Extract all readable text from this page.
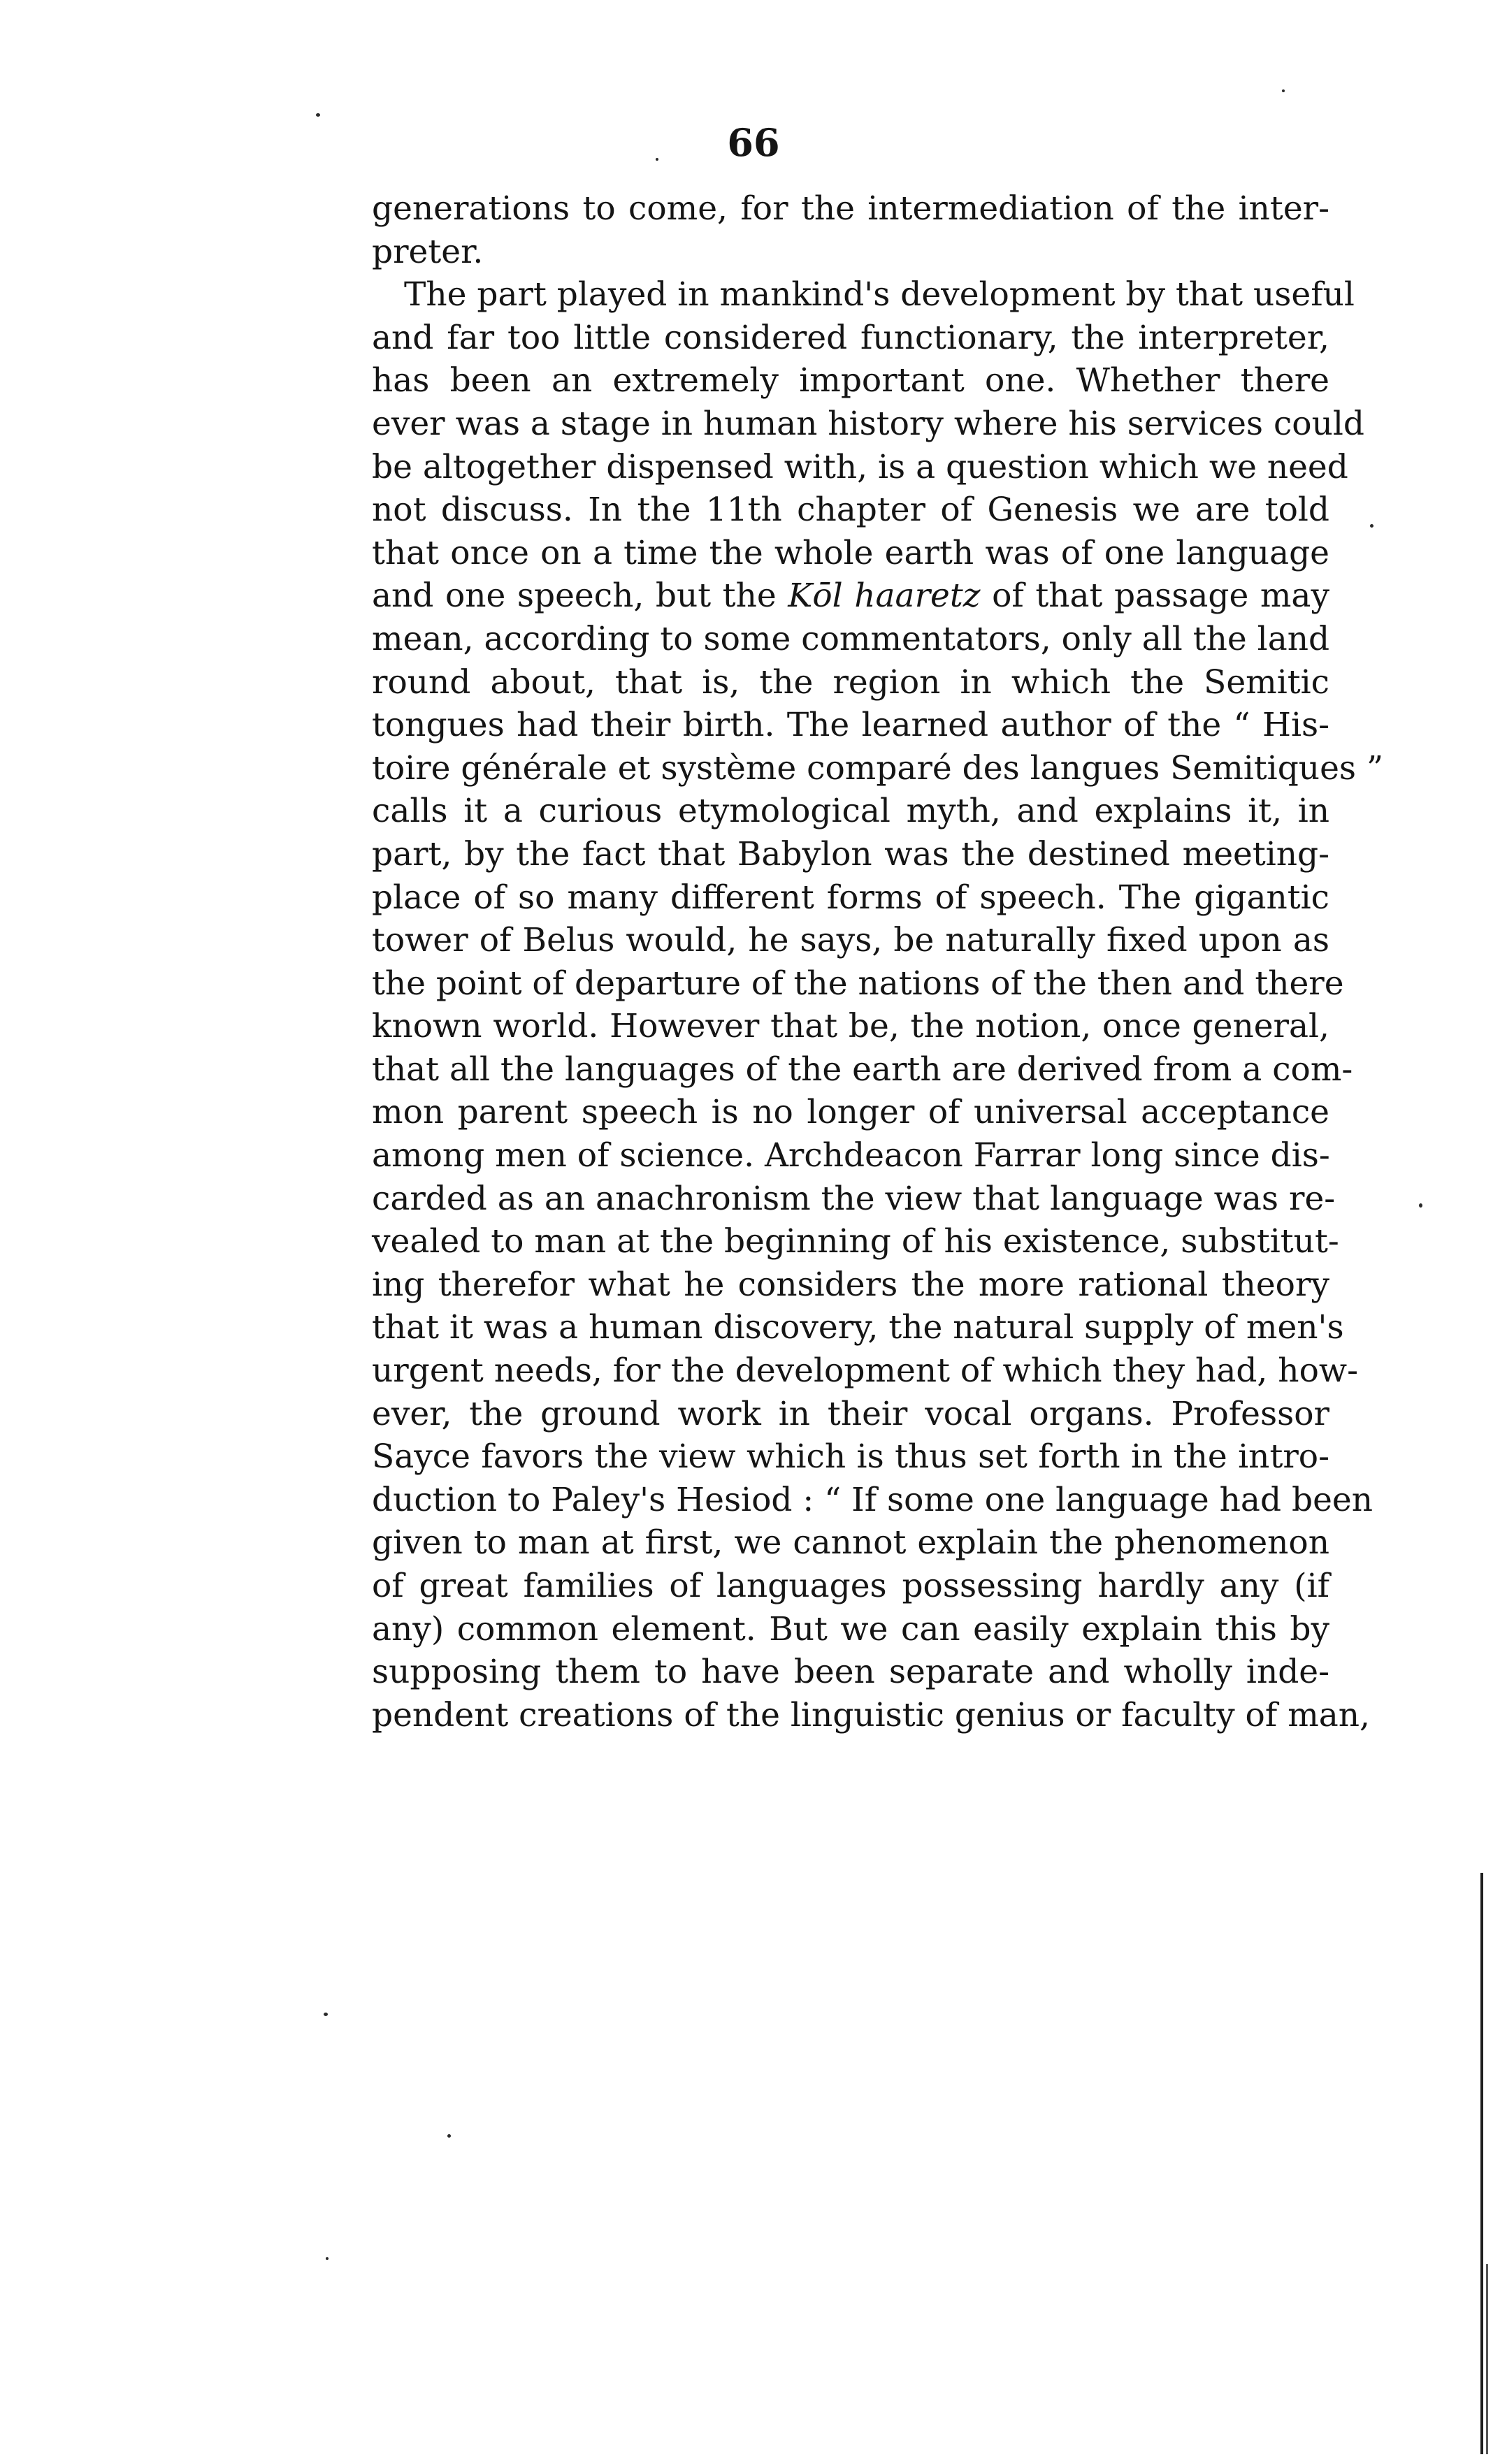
66
generations to come, for the intermediation of the inter-
preter.
The part played in mankind's development by that useful
and far too little considered functionary, the interpreter,
has been an extremely important one. Whether there
ever was a stage in human history where his services could
be altogether dispensed with, is a question which we need
not discuss. In the 11th chapter of Genesis we are told
that once on a time the whole earth was of one language
and one speech, but the Kōl haaretz of that passage may
mean, according to some commentators, only all the land
round about, that is, the region in which the Semitic
tongues had their birth. The learned author of the “ His-
toire générale et système comparé des langues Semitiques ”
calls it a curious etymological myth, and explains it, in
part, by the fact that Babylon was the destined meeting-
place of so many different forms of speech. The gigantic
tower of Belus would, he says, be naturally fixed upon as
the point of departure of the nations of the then and there
known world. However that be, the notion, once general,
that all the languages of the earth are derived from a com-
mon parent speech is no longer of universal acceptance
among men of science. Archdeacon Farrar long since dis-
carded as an anachronism the view that language was re-
vealed to man at the beginning of his existence, substitut-
ing therefor what he considers the more rational theory
that it was a human discovery, the natural supply of men's
urgent needs, for the development of which they had, how-
ever, the ground work in their vocal organs. Professor
Sayce favors the view which is thus set forth in the intro-
duction to Paley's Hesiod : “ If some one language had been
given to man at first, we cannot explain the phenomenon
of great families of languages possessing hardly any (if
any) common element. But we can easily explain this by
supposing them to have been separate and wholly inde-
pendent creations of the linguistic genius or faculty of man,
